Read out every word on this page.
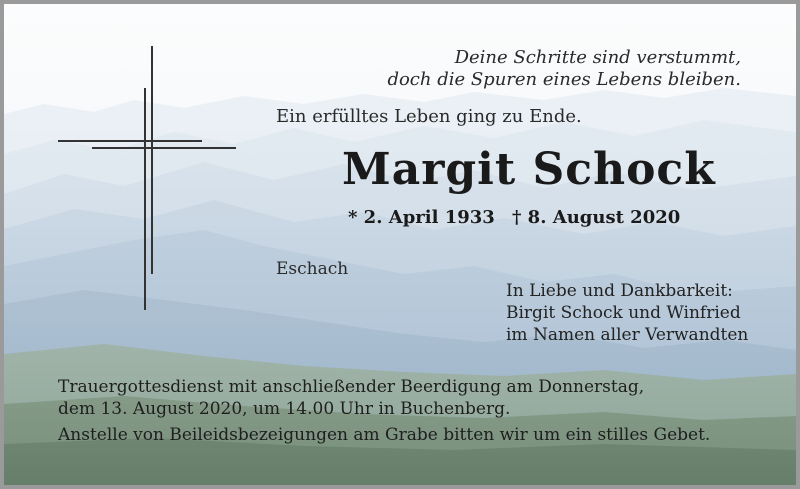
Deine Schritte sind verstummt,

doch die Spuren eines Lebens bleiben.

Ein erfülltes Leben ging zu Ende.

Margit Schock

* 2. April 1933 † 8. August 2020

Eschach

In Liebe und Dankbarkeit:

Birgit Schock und Winfried

im Namen aller Verwandten

Trauergottesdienst mit anschließender Beerdigung am Donnerstag,

dem 13. August 2020, um 14.00 Uhr in Buchenberg.

Anstelle von Beileidsbezeigungen am Grabe bitten wir um ein stilles Gebet.
